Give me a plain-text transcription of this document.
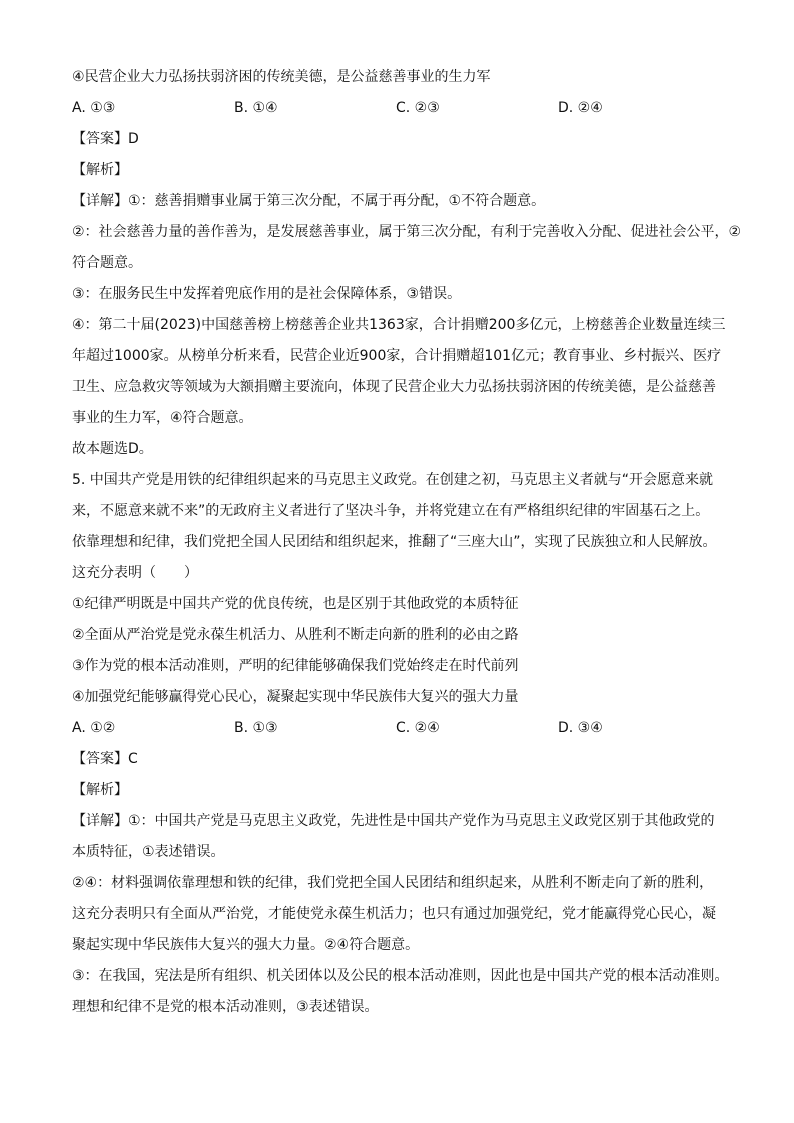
④民营企业大力弘扬扶弱济困的传统美德，是公益慈善事业的生力军

A. ①③	B. ①④	C. ②③	D. ②④

【答案】D

【解析】

【详解】①：慈善捐赠事业属于第三次分配，不属于再分配，①不符合题意。

②：社会慈善力量的善作善为，是发展慈善事业，属于第三次分配，有利于完善收入分配、促进社会公平，②

符合题意。

③：在服务民生中发挥着兜底作用的是社会保障体系，③错误。

④：第二十届(2023)中国慈善榜上榜慈善企业共1363家，合计捐赠200多亿元，上榜慈善企业数量连续三

年超过1000家。从榜单分析来看，民营企业近900家，合计捐赠超101亿元；教育事业、乡村振兴、医疗

卫生、应急救灾等领域为大额捐赠主要流向，体现了民营企业大力弘扬扶弱济困的传统美德，是公益慈善

事业的生力军，④符合题意。

故本题选D。

5. 中国共产党是用铁的纪律组织起来的马克思主义政党。在创建之初，马克思主义者就与“开会愿意来就

来，不愿意来就不来”的无政府主义者进行了坚决斗争，并将党建立在有严格组织纪律的牢固基石之上。

依靠理想和纪律，我们党把全国人民团结和组织起来，推翻了“三座大山”，实现了民族独立和人民解放。

这充分表明（　　）

①纪律严明既是中国共产党的优良传统，也是区别于其他政党的本质特征

②全面从严治党是党永葆生机活力、从胜利不断走向新的胜利的必由之路

③作为党的根本活动准则，严明的纪律能够确保我们党始终走在时代前列

④加强党纪能够赢得党心民心，凝聚起实现中华民族伟大复兴的强大力量

A. ①②	B. ①③	C. ②④	D. ③④

【答案】C

【解析】

【详解】①：中国共产党是马克思主义政党，先进性是中国共产党作为马克思主义政党区别于其他政党的

本质特征，①表述错误。

②④：材料强调依靠理想和铁的纪律，我们党把全国人民团结和组织起来，从胜利不断走向了新的胜利，

这充分表明只有全面从严治党，才能使党永葆生机活力；也只有通过加强党纪，党才能赢得党心民心，凝

聚起实现中华民族伟大复兴的强大力量。②④符合题意。

③：在我国，宪法是所有组织、机关团体以及公民的根本活动准则，因此也是中国共产党的根本活动准则。

理想和纪律不是党的根本活动准则，③表述错误。
